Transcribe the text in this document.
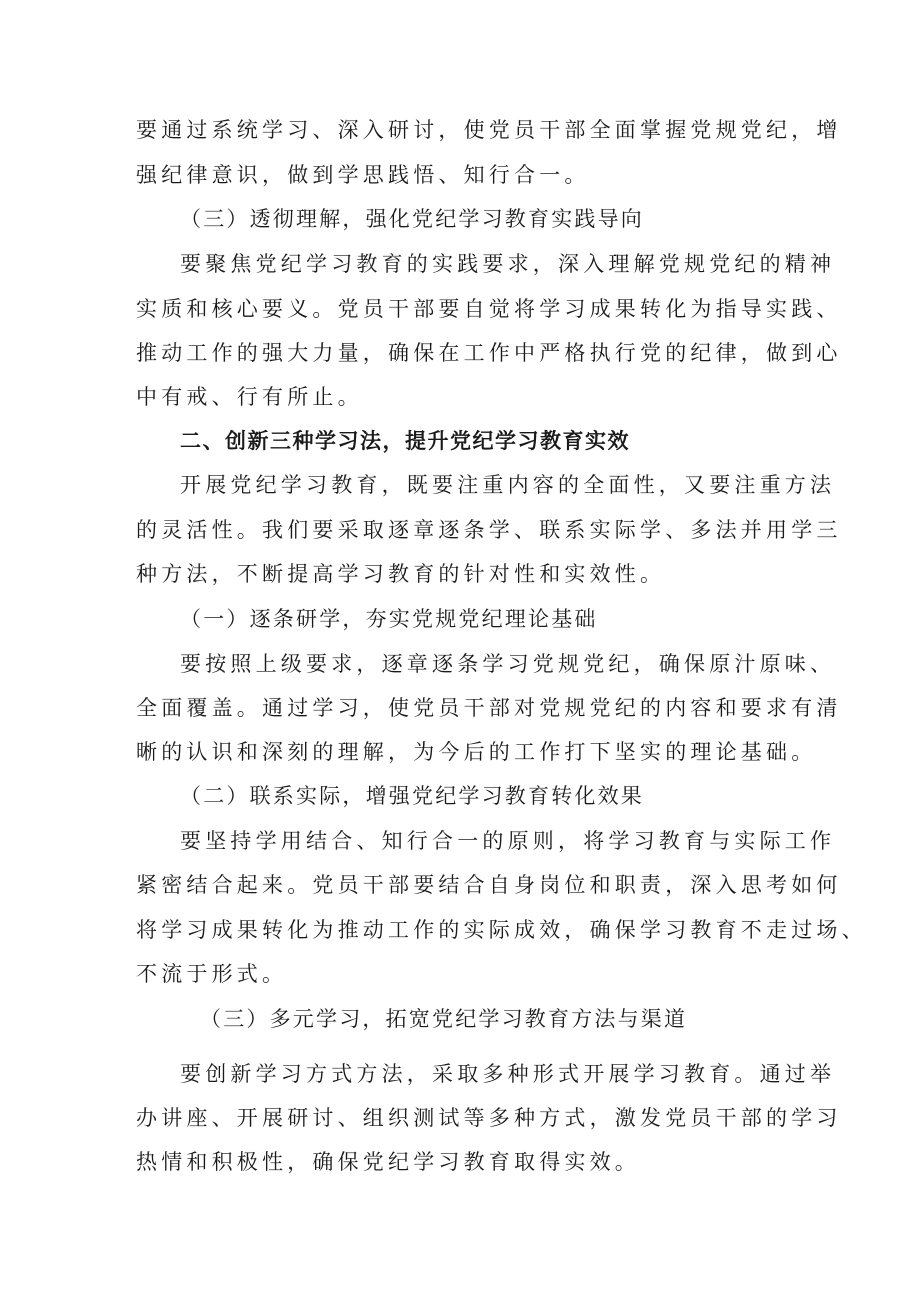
要通过系统学习、深入研讨，使党员干部全面掌握党规党纪，增

强纪律意识，做到学思践悟、知行合一。

（三）透彻理解，强化党纪学习教育实践导向

要聚焦党纪学习教育的实践要求，深入理解党规党纪的精神

实质和核心要义。党员干部要自觉将学习成果转化为指导实践、

推动工作的强大力量，确保在工作中严格执行党的纪律，做到心

中有戒、行有所止。

二、创新三种学习法，提升党纪学习教育实效

开展党纪学习教育，既要注重内容的全面性，又要注重方法

的灵活性。我们要采取逐章逐条学、联系实际学、多法并用学三

种方法，不断提高学习教育的针对性和实效性。

（一）逐条研学，夯实党规党纪理论基础

要按照上级要求，逐章逐条学习党规党纪，确保原汁原味、

全面覆盖。通过学习，使党员干部对党规党纪的内容和要求有清

晰的认识和深刻的理解，为今后的工作打下坚实的理论基础。

（二）联系实际，增强党纪学习教育转化效果

要坚持学用结合、知行合一的原则，将学习教育与实际工作

紧密结合起来。党员干部要结合自身岗位和职责，深入思考如何

将学习成果转化为推动工作的实际成效，确保学习教育不走过场、

不流于形式。

（三）多元学习，拓宽党纪学习教育方法与渠道

要创新学习方式方法，采取多种形式开展学习教育。通过举

办讲座、开展研讨、组织测试等多种方式，激发党员干部的学习

热情和积极性，确保党纪学习教育取得实效。
